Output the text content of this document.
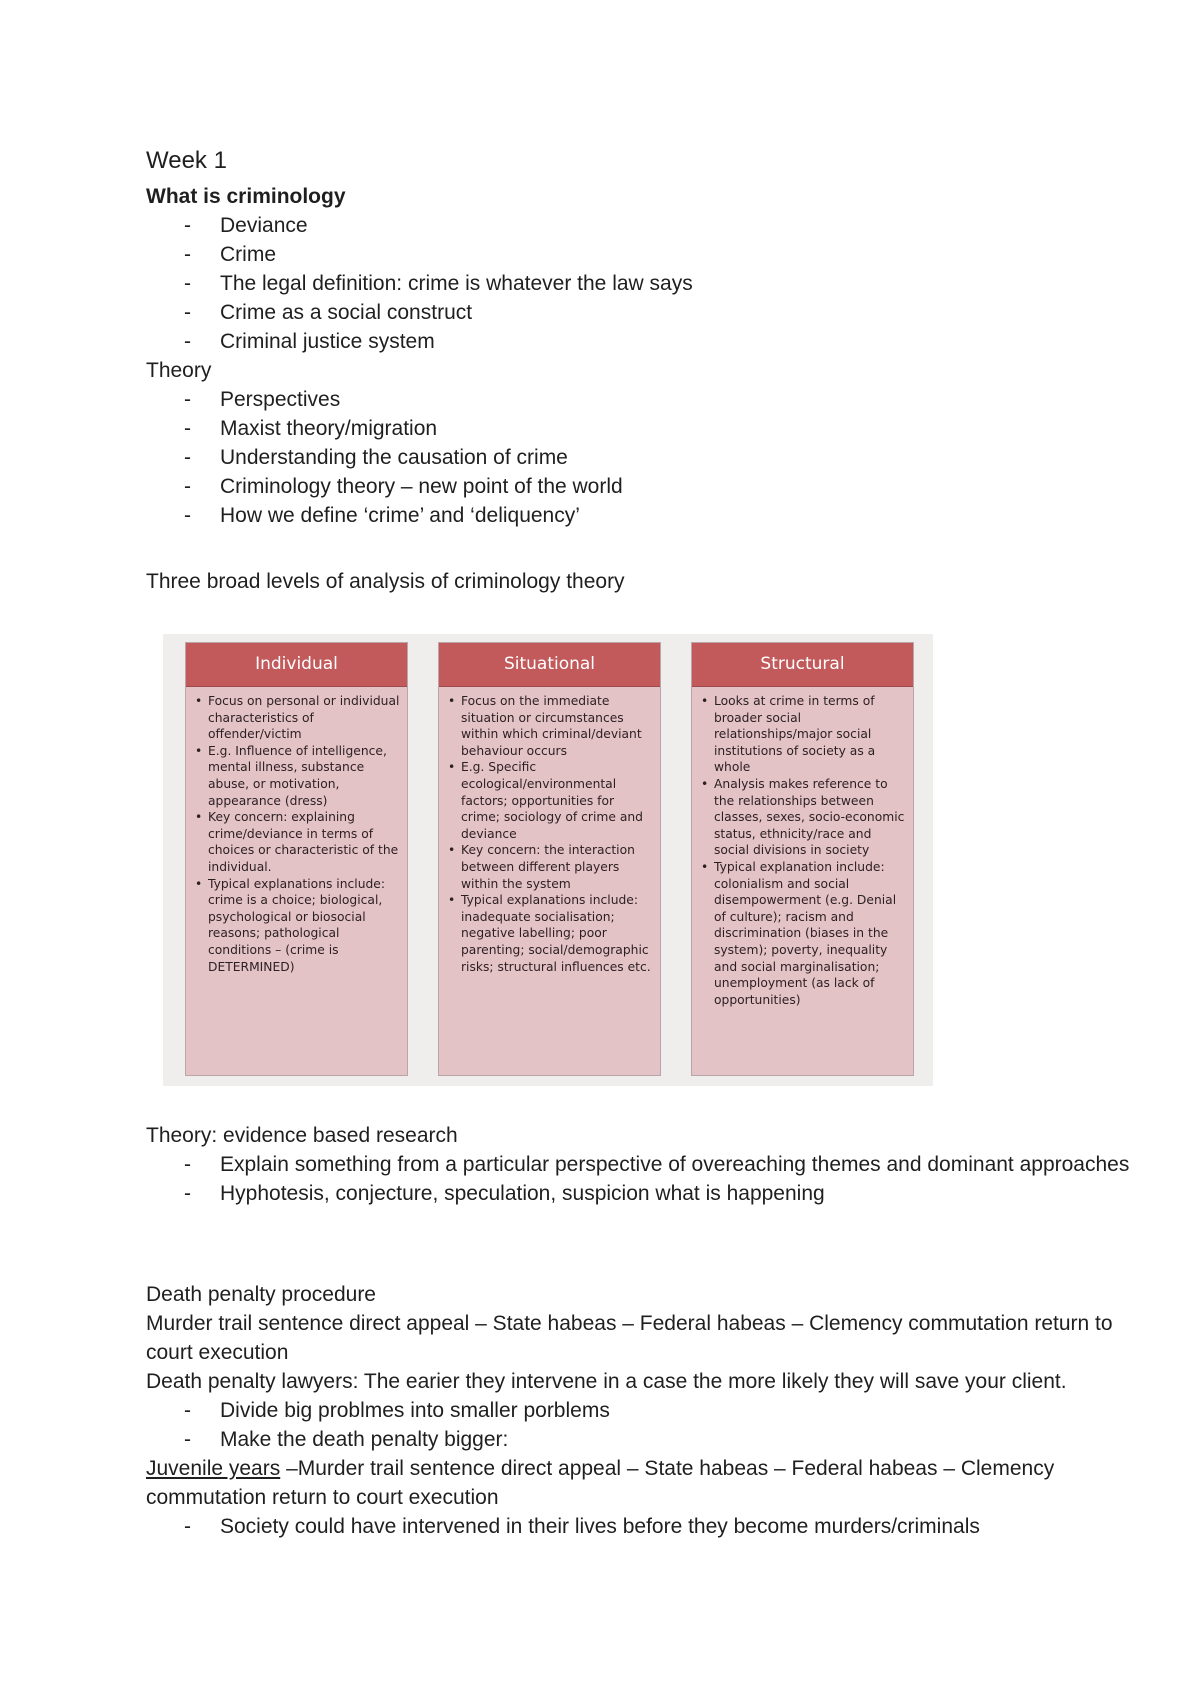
Week 1
What is criminology
-	Deviance
-	Crime
-	The legal definition: crime is whatever the law says
-	Crime as a social construct
-	Criminal justice system
Theory
-	Perspectives
-	Maxist theory/migration
-	Understanding the causation of crime
-	Criminology theory – new point of the world
-	How we define ‘crime’ and ‘deliquency’
Three broad levels of analysis of criminology theory
Theory: evidence based research
-	Explain something from a particular perspective of overeaching themes and dominant approaches
-	Hyphotesis, conjecture, speculation, suspicion what is happening
Death penalty procedure
Murder trail sentence direct appeal – State habeas – Federal habeas – Clemency commutation return to court execution
Death penalty lawyers: The earier they intervene in a case the more likely they will save your client.
-	Divide big problmes into smaller porblems
-	Make the death penalty bigger:
Juvenile years –Murder trail sentence direct appeal – State habeas – Federal habeas – Clemency commutation return to court execution
-	Society could have intervened in their lives before they become murders/criminals
Individual
• Focus on personal or individual characteristics of offender/victim
• E.g. Influence of intelligence, mental illness, substance abuse, or motivation, appearance (dress)
• Key concern: explaining crime/deviance in terms of choices or characteristic of the individual.
• Typical explanations include: crime is a choice; biological, psychological or biosocial reasons; pathological conditions – (crime is DETERMINED)
Situational
• Focus on the immediate situation or circumstances within which criminal/deviant behaviour occurs
• E.g. Specific ecological/environmental factors; opportunities for crime; sociology of crime and deviance
• Key concern: the interaction between different players within the system
• Typical explanations include: inadequate socialisation; negative labelling; poor parenting; social/demographic risks; structural influences etc.
Structural
• Looks at crime in terms of broader social relationships/major social institutions of society as a whole
• Analysis makes reference to the relationships between classes, sexes, socio-economic status, ethnicity/race and social divisions in society
• Typical explanation include: colonialism and social disempowerment (e.g. Denial of culture); racism and discrimination (biases in the system); poverty, inequality and social marginalisation; unemployment (as lack of opportunities)
